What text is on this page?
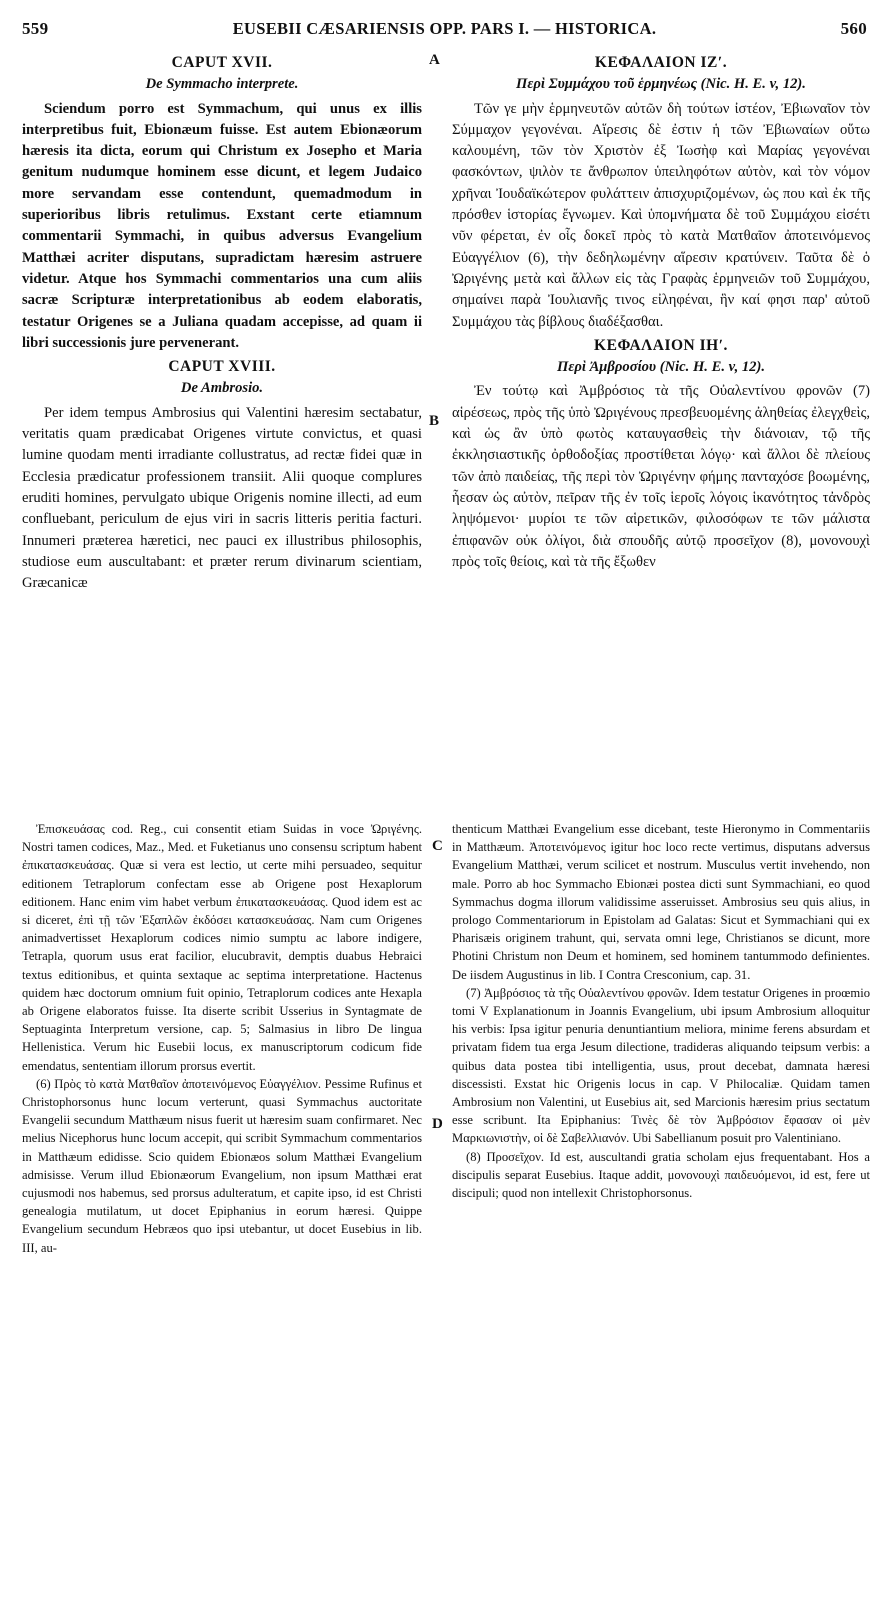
559	EUSEBII CÆSARIENSIS OPP. PARS I. — HISTORICA.	560
A
B
C
D
CAPUT XVII.
De Symmacho interprete.

Sciendum porro est Symmachum, qui unus ex illis interpretibus fuit, Ebionæum fuisse. Est autem Ebionæorum hæresis ita dicta, eorum qui Christum ex Josepho et Maria genitum nudumque hominem esse dicunt, et legem Judaico more servandam esse contendunt, quemadmodum in superioribus libris retulimus. Exstant certe etiamnum commentarii Symmachi, in quibus adversus Evangelium Matthæi acriter disputans, supradictam hæresim astruere videtur. Atque hos Symmachi commentarios una cum aliis sacræ Scripturæ interpretationibus ab eodem elaboratis, testatur Origenes se a Juliana quadam accepisse, ad quam ii libri successionis jure pervenerant.

CAPUT XVIII.
De Ambrosio.

Per idem tempus Ambrosius qui Valentini hæresim sectabatur, veritatis quam prædicabat Origenes virtute convictus, et quasi lumine quodam menti irradiante collustratus, ad rectæ fidei quæ in Ecclesia prædicatur professionem transiit. Alii quoque complures eruditi homines, pervulgato ubique Origenis nomine illecti, ad eum confluebant, periculum de ejus viri in sacris litteris peritia facturi. Innumeri præterea hæretici, nec pauci ex illustribus philosophis, studiose eum auscultabant: et præter rerum divinarum scientiam, Græcanicæ

ΚΕΦΑΛΑΙΟΝ ΙΖʹ.
Περὶ Συμμάχου τοῦ ἑρμηνέως (Nic. H. E. v, 12).

Τῶν γε μὴν ἑρμηνευτῶν αὐτῶν δὴ τούτων ἰστέον, Ἐβιωναῖον τὸν Σύμμαχον γεγονέναι. Αἵρεσις δὲ ἐστιν ἡ τῶν Ἐβιωναίων οὕτω καλουμένη, τῶν τὸν Χριστὸν ἐξ Ἰωσὴφ καὶ Μαρίας γεγονέναι φασκόντων, ψιλὸν τε ἄνθρωπον ὑπειληφότων αὐτὸν, καὶ τὸν νόμον χρῆναι Ἰουδαϊκώτερον φυλάττειν ἀπισχυριζομένων, ὡς που καὶ ἐκ τῆς πρόσθεν ἱστορίας ἔγνωμεν. Καὶ ὑπομνήματα δὲ τοῦ Συμμάχου εἰσέτι νῦν φέρεται, ἐν οἷς δοκεῖ πρὸς τὸ κατὰ Ματθαῖον ἀποτεινόμενος Εὐαγγέλιον (6), τὴν δεδηλωμένην αἵρεσιν κρατύνειν. Ταῦτα δὲ ὁ Ὠριγένης μετὰ καὶ ἄλλων εἰς τὰς Γραφὰς ἑρμηνειῶν τοῦ Συμμάχου, σημαίνει παρὰ Ἰουλιανῆς τινος εἰληφέναι, ἣν καί φησι παρ' αὐτοῦ Συμμάχου τὰς βίβλους διαδέξασθαι.

ΚΕΦΑΛΑΙΟΝ ΙΗʹ.
Περὶ Ἀμβροσίου (Nic. H. E. v, 12).

Ἐν τούτῳ καὶ Ἀμβρόσιος τὰ τῆς Οὐαλεντίνου φρονῶν (7) αἱρέσεως, πρὸς τῆς ὑπὸ Ὠριγένους πρεσβευομένης ἀληθείας ἐλεγχθεὶς, καὶ ὡς ἂν ὑπὸ φωτὸς καταυγασθεὶς τὴν διάνοιαν, τῷ τῆς ἐκκλησιαστικῆς ὀρθοδοξίας προστίθεται λόγῳ· καὶ ἄλλοι δὲ πλείους τῶν ἀπὸ παιδείας, τῆς περὶ τὸν Ὠριγένην φήμης πανταχόσε βοωμένης, ἧεσαν ὡς αὐτὸν, πεῖραν τῆς ἐν τοῖς ἱεροῖς λόγοις ἱκανότητος τἀνδρὸς ληψόμενοι· μυρίοι τε τῶν αἱρετικῶν, φιλοσόφων τε τῶν μάλιστα ἐπιφανῶν οὐκ ὀλίγοι, διὰ σπουδῆς αὐτῷ προσεῖχον (8), μονονουχὶ πρὸς τοῖς θείοις, καὶ τὰ τῆς ἔξωθεν

Ἐπισκευάσας cod. Reg., cui consentit etiam Suidas in voce Ὠριγένης. Nostri tamen codices, Maz., Med. et Fuketianus uno consensu scriptum habent ἐπικατασκευάσας. Quæ si vera est lectio, ut certe mihi persuadeo, sequitur editionem Tetraplorum confectam esse ab Origene post Hexaplorum editionem. Hanc enim vim habet verbum ἐπικατασκευάσας. Quod idem est ac si diceret, ἐπὶ τῇ τῶν Ἑξαπλῶν ἐκδόσει κατασκευάσας. Nam cum Origenes animadvertisset Hexaplorum codices nimio sumptu ac labore indigere, Tetrapla, quorum usus erat facilior, elucubravit, demptis duabus Hebraici textus editionibus, et quinta sextaque ac septima interpretatione. Hactenus quidem hæc doctorum omnium fuit opinio, Tetraplorum codices ante Hexapla ab Origene elaboratos fuisse. Ita diserte scribit Usserius in Syntagmate de Septuaginta Interpretum versione, cap. 5; Salmasius in libro De lingua Hellenistica. Verum hic Eusebii locus, ex manuscriptorum codicum fide emendatus, sententiam illorum prorsus evertit.

(6) Πρὸς τὸ κατὰ Ματθαῖον ἀποτεινόμενος Εὐαγγέλιον. Pessime Rufinus et Christophorsonus hunc locum verterunt, quasi Symmachus auctoritate Evangelii secundum Matthæum nisus fuerit ut hæresim suam confirmaret. Nec melius Nicephorus hunc locum accepit, qui scribit Symmachum commentarios in Matthæum edidisse. Scio quidem Ebionæos solum Matthæi Evangelium admisisse. Verum illud Ebionæorum Evangelium, non ipsum Matthæi erat cujusmodi nos habemus, sed prorsus adulteratum, et capite ipso, id est Christi genealogia mutilatum, ut docet Epiphanius in eorum hæresi. Quippe Evangelium secundum Hebræos quo ipsi utebantur, ut docet Eusebius in lib. III, au-

thenticum Matthæi Evangelium esse dicebant, teste Hieronymo in Commentariis in Matthæum. Ἀποτεινόμενος igitur hoc loco recte vertimus, disputans adversus Evangelium Matthæi, verum scilicet et nostrum. Musculus vertit invehendo, non male. Porro ab hoc Symmacho Ebionæi postea dicti sunt Symmachiani, eo quod Symmachus dogma illorum validissime asseruisset. Ambrosius seu quis alius, in prologo Commentariorum in Epistolam ad Galatas: Sicut et Symmachiani qui ex Pharisæis originem trahunt, qui, servata omni lege, Christianos se dicunt, more Photini Christum non Deum et hominem, sed hominem tantummodo definientes. De iisdem Augustinus in lib. I Contra Cresconium, cap. 31.

(7) Ἀμβρόσιος τὰ τῆς Οὐαλεντίνου φρονῶν. Idem testatur Origenes in proœmio tomi V Explanationum in Joannis Evangelium, ubi ipsum Ambrosium alloquitur his verbis: Ipsa igitur penuria denuntiantium meliora, minime ferens absurdam et privatam fidem tua erga Jesum dilectione, tradideras aliquando teipsum verbis: a quibus data postea tibi intelligentia, usus, prout decebat, damnata hæresi discessisti. Exstat hic Origenis locus in cap. V Philocaliæ. Quidam tamen Ambrosium non Valentini, ut Eusebius ait, sed Marcionis hæresim prius sectatum esse scribunt. Ita Epiphanius: Τινὲς δὲ τὸν Ἀμβρόσιον ἔφασαν οἱ μὲν Μαρκιωνιστὴν, οἱ δὲ Σαβελλιανόν. Ubi Sabellianum posuit pro Valentiniano.

(8) Προσεῖχον. Id est, auscultandi gratia scholam ejus frequentabant. Hos a discipulis separat Eusebius. Itaque addit, μονονουχὶ παιδευόμενοι, id est, fere ut discipuli; quod non intellexit Christophorsonus.
